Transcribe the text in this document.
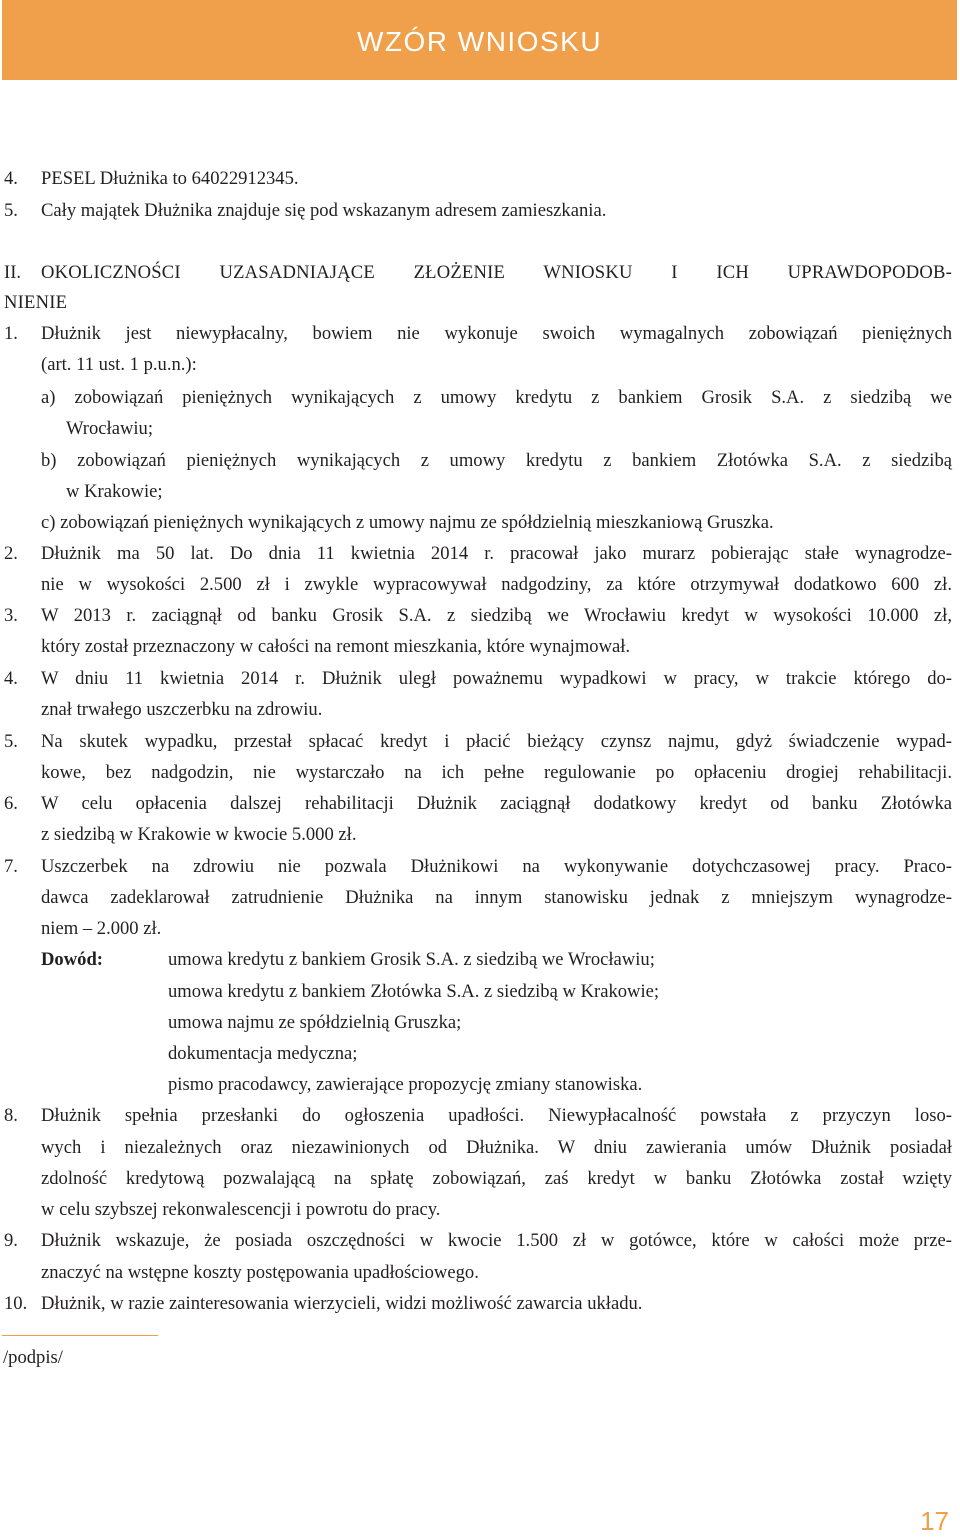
WZÓR WNIOSKU
4. PESEL Dłużnika to 64022912345.
5. Cały majątek Dłużnika znajduje się pod wskazanym adresem zamieszkania.
II. OKOLICZNOŚCI UZASADNIAJĄCE ZŁOŻENIE WNIOSKU I ICH UPRAWDOPODOB-
NIENIE
1. Dłużnik jest niewypłacalny, bowiem nie wykonuje swoich wymagalnych zobowiązań pieniężnych
(art. 11 ust. 1 p.u.n.):
a) zobowiązań pieniężnych wynikających z umowy kredytu z bankiem Grosik S.A. z siedzibą we
Wrocławiu;
b) zobowiązań pieniężnych wynikających z umowy kredytu z bankiem Złotówka S.A. z siedzibą
w Krakowie;
c) zobowiązań pieniężnych wynikających z umowy najmu ze spółdzielnią mieszkaniową Gruszka.
2. Dłużnik ma 50 lat. Do dnia 11 kwietnia 2014 r. pracował jako murarz pobierając stałe wynagrodze-
nie w wysokości 2.500 zł i zwykle wypracowywał nadgodziny, za które otrzymywał dodatkowo 600 zł.
3. W 2013 r. zaciągnął od banku Grosik S.A. z siedzibą we Wrocławiu kredyt w wysokości 10.000 zł,
który został przeznaczony w całości na remont mieszkania, które wynajmował.
4. W dniu 11 kwietnia 2014 r. Dłużnik uległ poważnemu wypadkowi w pracy, w trakcie którego do-
znał trwałego uszczerbku na zdrowiu.
5. Na skutek wypadku, przestał spłacać kredyt i płacić bieżący czynsz najmu, gdyż świadczenie wypad-
kowe, bez nadgodzin, nie wystarczało na ich pełne regulowanie po opłaceniu drogiej rehabilitacji.
6. W celu opłacenia dalszej rehabilitacji Dłużnik zaciągnął dodatkowy kredyt od banku Złotówka
z siedzibą w Krakowie w kwocie 5.000 zł.
7. Uszczerbek na zdrowiu nie pozwala Dłużnikowi na wykonywanie dotychczasowej pracy. Praco-
dawca zadeklarował zatrudnienie Dłużnika na innym stanowisku jednak z mniejszym wynagrodze-
niem – 2.000 zł.
Dowód:	umowa kredytu z bankiem Grosik S.A. z siedzibą we Wrocławiu;
umowa kredytu z bankiem Złotówka S.A. z siedzibą w Krakowie;
umowa najmu ze spółdzielnią Gruszka;
dokumentacja medyczna;
pismo pracodawcy, zawierające propozycję zmiany stanowiska.
8. Dłużnik spełnia przesłanki do ogłoszenia upadłości. Niewypłacalność powstała z przyczyn loso-
wych i niezależnych oraz niezawinionych od Dłużnika. W dniu zawierania umów Dłużnik posiadał
zdolność kredytową pozwalającą na spłatę zobowiązań, zaś kredyt w banku Złotówka został wzięty
w celu szybszej rekonwalescencji i powrotu do pracy.
9. Dłużnik wskazuje, że posiada oszczędności w kwocie 1.500 zł w gotówce, które w całości może prze-
znaczyć na wstępne koszty postępowania upadłościowego.
10. Dłużnik, w razie zainteresowania wierzycieli, widzi możliwość zawarcia układu.
/podpis/
17
